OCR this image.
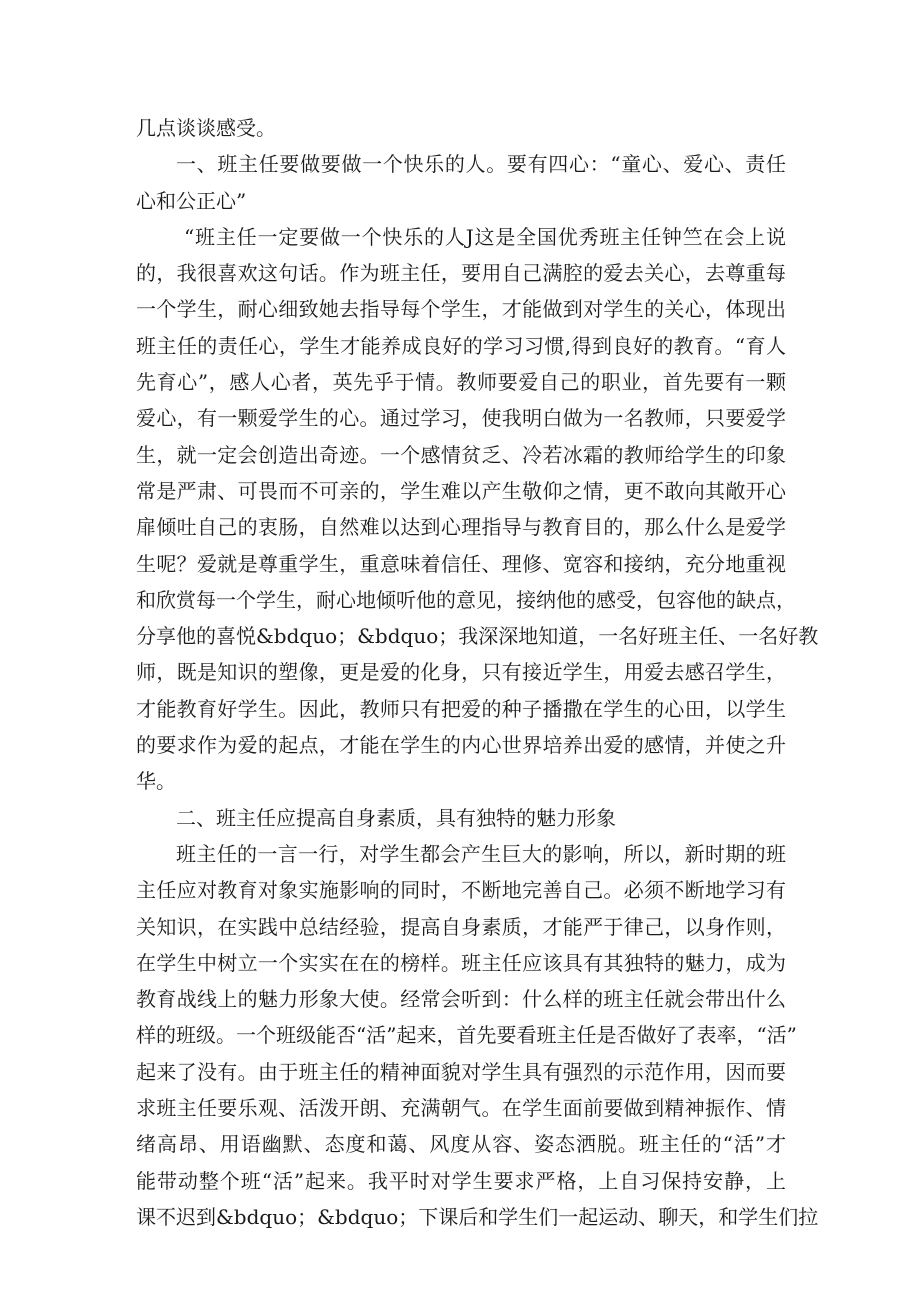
几点谈谈感受。
一、班主任要做要做一个快乐的人。要有四心：“童心、爱心、责任
心和公正心”
“班主任一定要做一个快乐的人J这是全国优秀班主任钟竺在会上说
的，我很喜欢这句话。作为班主任，要用自己满腔的爱去关心，去尊重每
一个学生，耐心细致她去指导每个学生，才能做到对学生的关心，体现出
班主任的责任心，学生才能养成良好的学习习惯,得到良好的教育。“育人
先育心”，感人心者，英先乎于情。教师要爱自己的职业，首先要有一颗
爱心，有一颗爱学生的心。通过学习，使我明白做为一名教师，只要爱学
生，就一定会创造出奇迹。一个感情贫乏、冷若冰霜的教师给学生的印象
常是严肃、可畏而不可亲的，学生难以产生敬仰之情，更不敢向其敞开心
扉倾吐自己的衷肠，自然难以达到心理指导与教育目的，那么什么是爱学
生呢？爱就是尊重学生，重意味着信任、理修、宽容和接纳，充分地重视
和欣赏每一个学生，耐心地倾听他的意见，接纳他的感受，包容他的缺点，
分享他的喜悦&bdquo；&bdquo；我深深地知道，一名好班主任、一名好教
师，既是知识的塑像，更是爱的化身，只有接近学生，用爱去感召学生，
才能教育好学生。因此，教师只有把爱的种子播撒在学生的心田，以学生
的要求作为爱的起点，才能在学生的内心世界培养出爱的感情，并使之升
华。
二、班主任应提高自身素质，具有独特的魅力形象
班主任的一言一行，对学生都会产生巨大的影响，所以，新时期的班
主任应对教育对象实施影响的同时，不断地完善自己。必须不断地学习有
关知识，在实践中总结经验，提高自身素质，才能严于律己，以身作则，
在学生中树立一个实实在在的榜样。班主任应该具有其独特的魅力，成为
教育战线上的魅力形象大使。经常会听到：什么样的班主任就会带出什么
样的班级。一个班级能否“活”起来，首先要看班主任是否做好了表率，“活”
起来了没有。由于班主任的精神面貌对学生具有强烈的示范作用，因而要
求班主任要乐观、活泼开朗、充满朝气。在学生面前要做到精神振作、情
绪高昂、用语幽默、态度和蔼、风度从容、姿态洒脱。班主任的“活”才
能带动整个班“活”起来。我平时对学生要求严格，上自习保持安静，上
课不迟到&bdquo；&bdquo；下课后和学生们一起运动、聊天，和学生们拉
